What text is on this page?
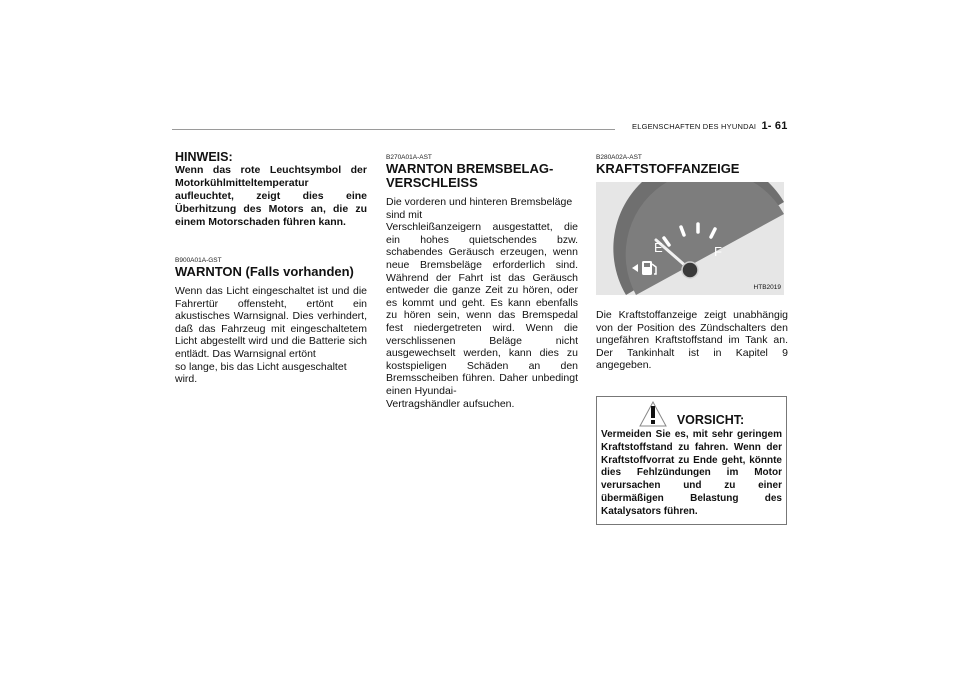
ELGENSCHAFTEN DES HYUNDAI 1- 61
HINWEIS:
Wenn das rote Leuchtsymbol der Motorkühlmitteltemperatur aufleuchtet, zeigt dies eine Überhitzung des Motors an, die zu einem Motorschaden führen kann.
B900A01A-GST
WARNTON (Falls vorhanden)

Wenn das Licht eingeschaltet ist und die Fahrertür offensteht, ertönt ein akustisches Warnsignal. Dies verhindert, daß das Fahrzeug mit eingeschaltetem Licht abgestellt wird und die Batterie sich entlädt. Das Warnsignal ertönt

so lange, bis das Licht ausgeschaltet wird.

B270A01A-AST
WARNTON BREMSBELAG-VERSCHLEISS

Die vorderen und hinteren Bremsbeläge sind mit

Verschleißanzeigern ausgestattet, die ein hohes quietschendes bzw. schabendes Geräusch erzeugen, wenn neue Bremsbeläge erforderlich sind. Während der Fahrt ist das Geräusch entweder die ganze Zeit zu hören, oder es kommt und geht. Es kann ebenfalls zu hören sein, wenn das Bremspedal fest niedergetreten wird. Wenn die verschlissenen Beläge nicht ausgewechselt werden, kann dies zu kostspieligen Schäden an den Bremsscheiben führen. Daher unbedingt einen Hyundai-

Vertragshändler aufsuchen.

B280A02A-AST
KRAFTSTOFFANZEIGE
E	F
HTB2019
Die Kraftstoffanzeige zeigt unabhängig von der Position des Zündschalters den ungefähren Kraftstoffstand im Tank an. Der Tankinhalt ist in Kapitel 9 angegeben.
VORSICHT:
Vermeiden Sie es, mit sehr geringem Kraftstoffstand zu fahren. Wenn der Kraftstoffvorrat zu Ende geht, könnte dies Fehlzündungen im Motor verursachen und zu einer übermäßigen Belastung des Katalysators führen.
